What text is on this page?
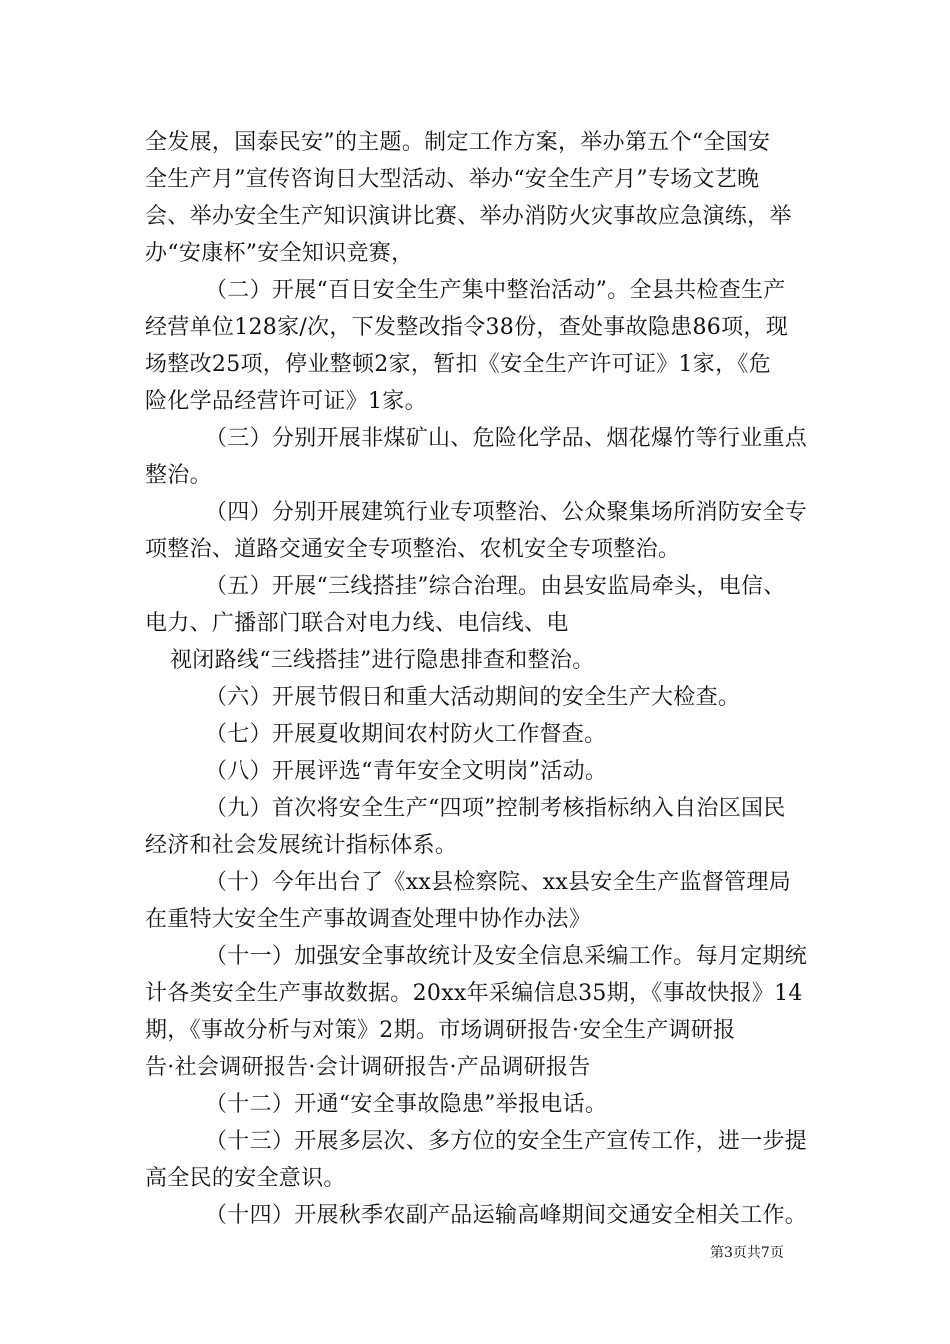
全发展，国泰民安”的主题。制定工作方案，举办第五个“全国安
全生产月”宣传咨询日大型活动、举办“安全生产月”专场文艺晚
会、举办安全生产知识演讲比赛、举办消防火灾事故应急演练，举
办“安康杯”安全知识竞赛，
（二）开展“百日安全生产集中整治活动”。全县共检查生产
经营单位128家/次，下发整改指令38份，查处事故隐患86项，现
场整改25项，停业整顿2家，暂扣《安全生产许可证》1家，《危
险化学品经营许可证》1家。
（三）分别开展非煤矿山、危险化学品、烟花爆竹等行业重点
整治。
（四）分别开展建筑行业专项整治、公众聚集场所消防安全专
项整治、道路交通安全专项整治、农机安全专项整治。
（五）开展“三线搭挂”综合治理。由县安监局牵头，电信、
电力、广播部门联合对电力线、电信线、电
视闭路线“三线搭挂”进行隐患排查和整治。
（六）开展节假日和重大活动期间的安全生产大检查。
（七）开展夏收期间农村防火工作督查。
（八）开展评选“青年安全文明岗”活动。
（九）首次将安全生产“四项”控制考核指标纳入自治区国民
经济和社会发展统计指标体系。
（十）今年出台了《xx县检察院、xx县安全生产监督管理局
在重特大安全生产事故调查处理中协作办法》
（十一）加强安全事故统计及安全信息采编工作。每月定期统
计各类安全生产事故数据。20xx年采编信息35期，《事故快报》14
期，《事故分析与对策》2期。市场调研报告·安全生产调研报
告·社会调研报告·会计调研报告·产品调研报告
（十二）开通“安全事故隐患”举报电话。
（十三）开展多层次、多方位的安全生产宣传工作，进一步提
高全民的安全意识。
（十四）开展秋季农副产品运输高峰期间交通安全相关工作。
第3页共7页
